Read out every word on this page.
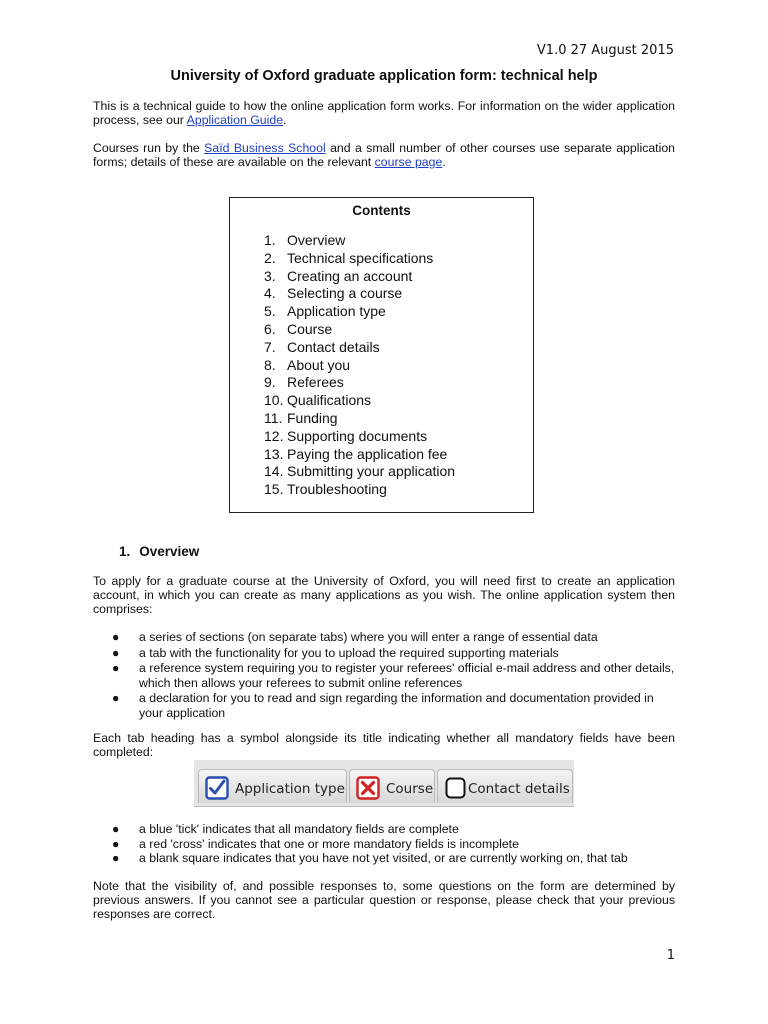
V1.0 27 August 2015
University of Oxford graduate application form: technical help
This is a technical guide to how the online application form works. For information on the wider application process, see our Application Guide.
Courses run by the Saïd Business School and a small number of other courses use separate application forms; details of these are available on the relevant course page.
Contents
1. Overview
2. Technical specifications
3. Creating an account
4. Selecting a course
5. Application type
6. Course
7. Contact details
8. About you
9. Referees
10. Qualifications
11. Funding
12. Supporting documents
13. Paying the application fee
14. Submitting your application
15. Troubleshooting
1. Overview
To apply for a graduate course at the University of Oxford, you will need first to create an application account, in which you can create as many applications as you wish. The online application system then comprises:
● a series of sections (on separate tabs) where you will enter a range of essential data
● a tab with the functionality for you to upload the required supporting materials
● a reference system requiring you to register your referees' official e-mail address and other details, which then allows your referees to submit online references
● a declaration for you to read and sign regarding the information and documentation provided in your application
Each tab heading has a symbol alongside its title indicating whether all mandatory fields have been completed:
Application type	Course	Contact details
● a blue 'tick' indicates that all mandatory fields are complete
● a red 'cross' indicates that one or more mandatory fields is incomplete
● a blank square indicates that you have not yet visited, or are currently working on, that tab
Note that the visibility of, and possible responses to, some questions on the form are determined by previous answers. If you cannot see a particular question or response, please check that your previous responses are correct.
1
